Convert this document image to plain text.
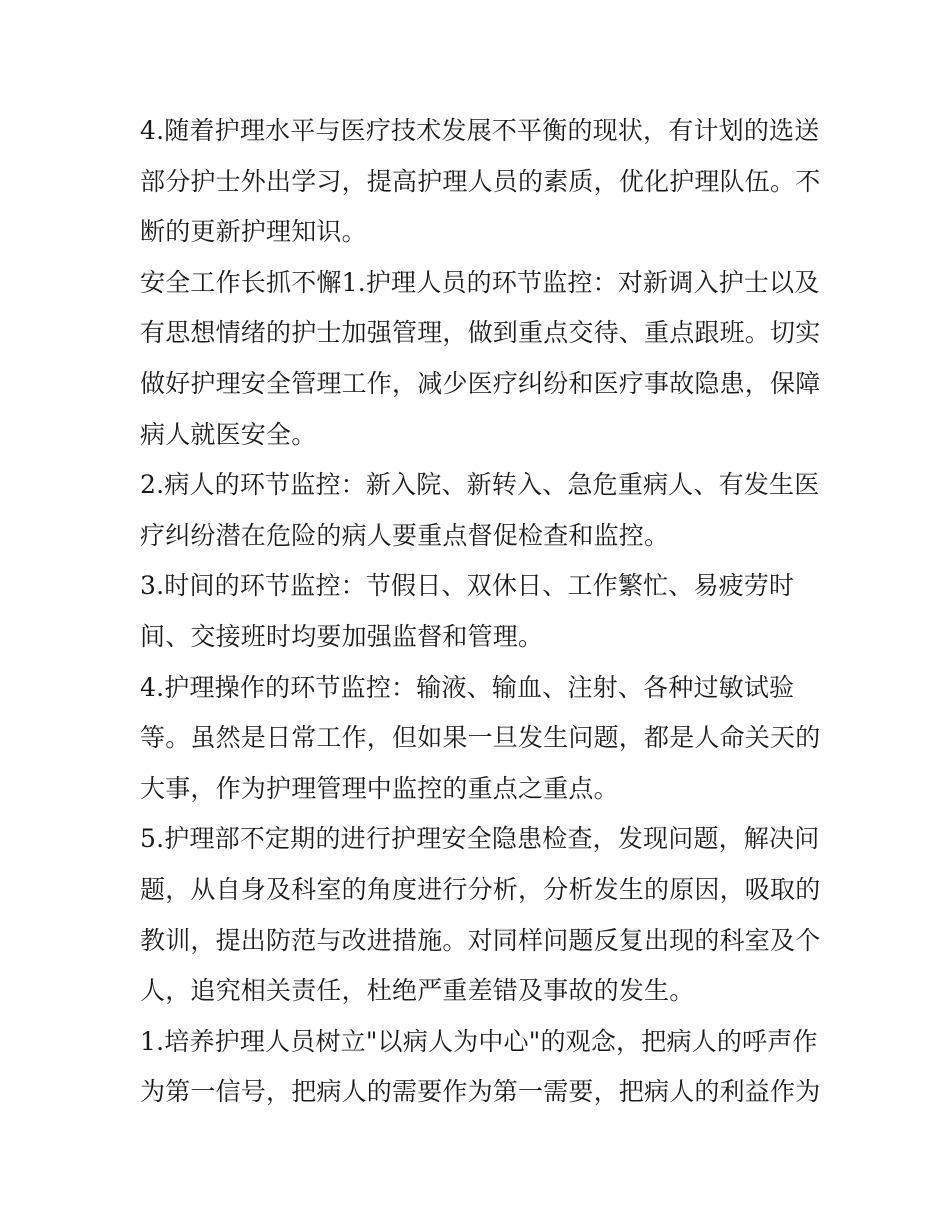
4.随着护理水平与医疗技术发展不平衡的现状，有计划的选送
部分护士外出学习，提高护理人员的素质，优化护理队伍。不
断的更新护理知识。
安全工作长抓不懈1.护理人员的环节监控：对新调入护士以及
有思想情绪的护士加强管理，做到重点交待、重点跟班。切实
做好护理安全管理工作，减少医疗纠纷和医疗事故隐患，保障
病人就医安全。
2.病人的环节监控：新入院、新转入、急危重病人、有发生医
疗纠纷潜在危险的病人要重点督促检查和监控。
3.时间的环节监控：节假日、双休日、工作繁忙、易疲劳时
间、交接班时均要加强监督和管理。
4.护理操作的环节监控：输液、输血、注射、各种过敏试验
等。虽然是日常工作，但如果一旦发生问题，都是人命关天的
大事，作为护理管理中监控的重点之重点。
5.护理部不定期的进行护理安全隐患检查，发现问题，解决问
题，从自身及科室的角度进行分析，分析发生的原因，吸取的
教训，提出防范与改进措施。对同样问题反复出现的科室及个
人，追究相关责任，杜绝严重差错及事故的发生。
1.培养护理人员树立"以病人为中心"的观念，把病人的呼声作
为第一信号，把病人的需要作为第一需要，把病人的利益作为
